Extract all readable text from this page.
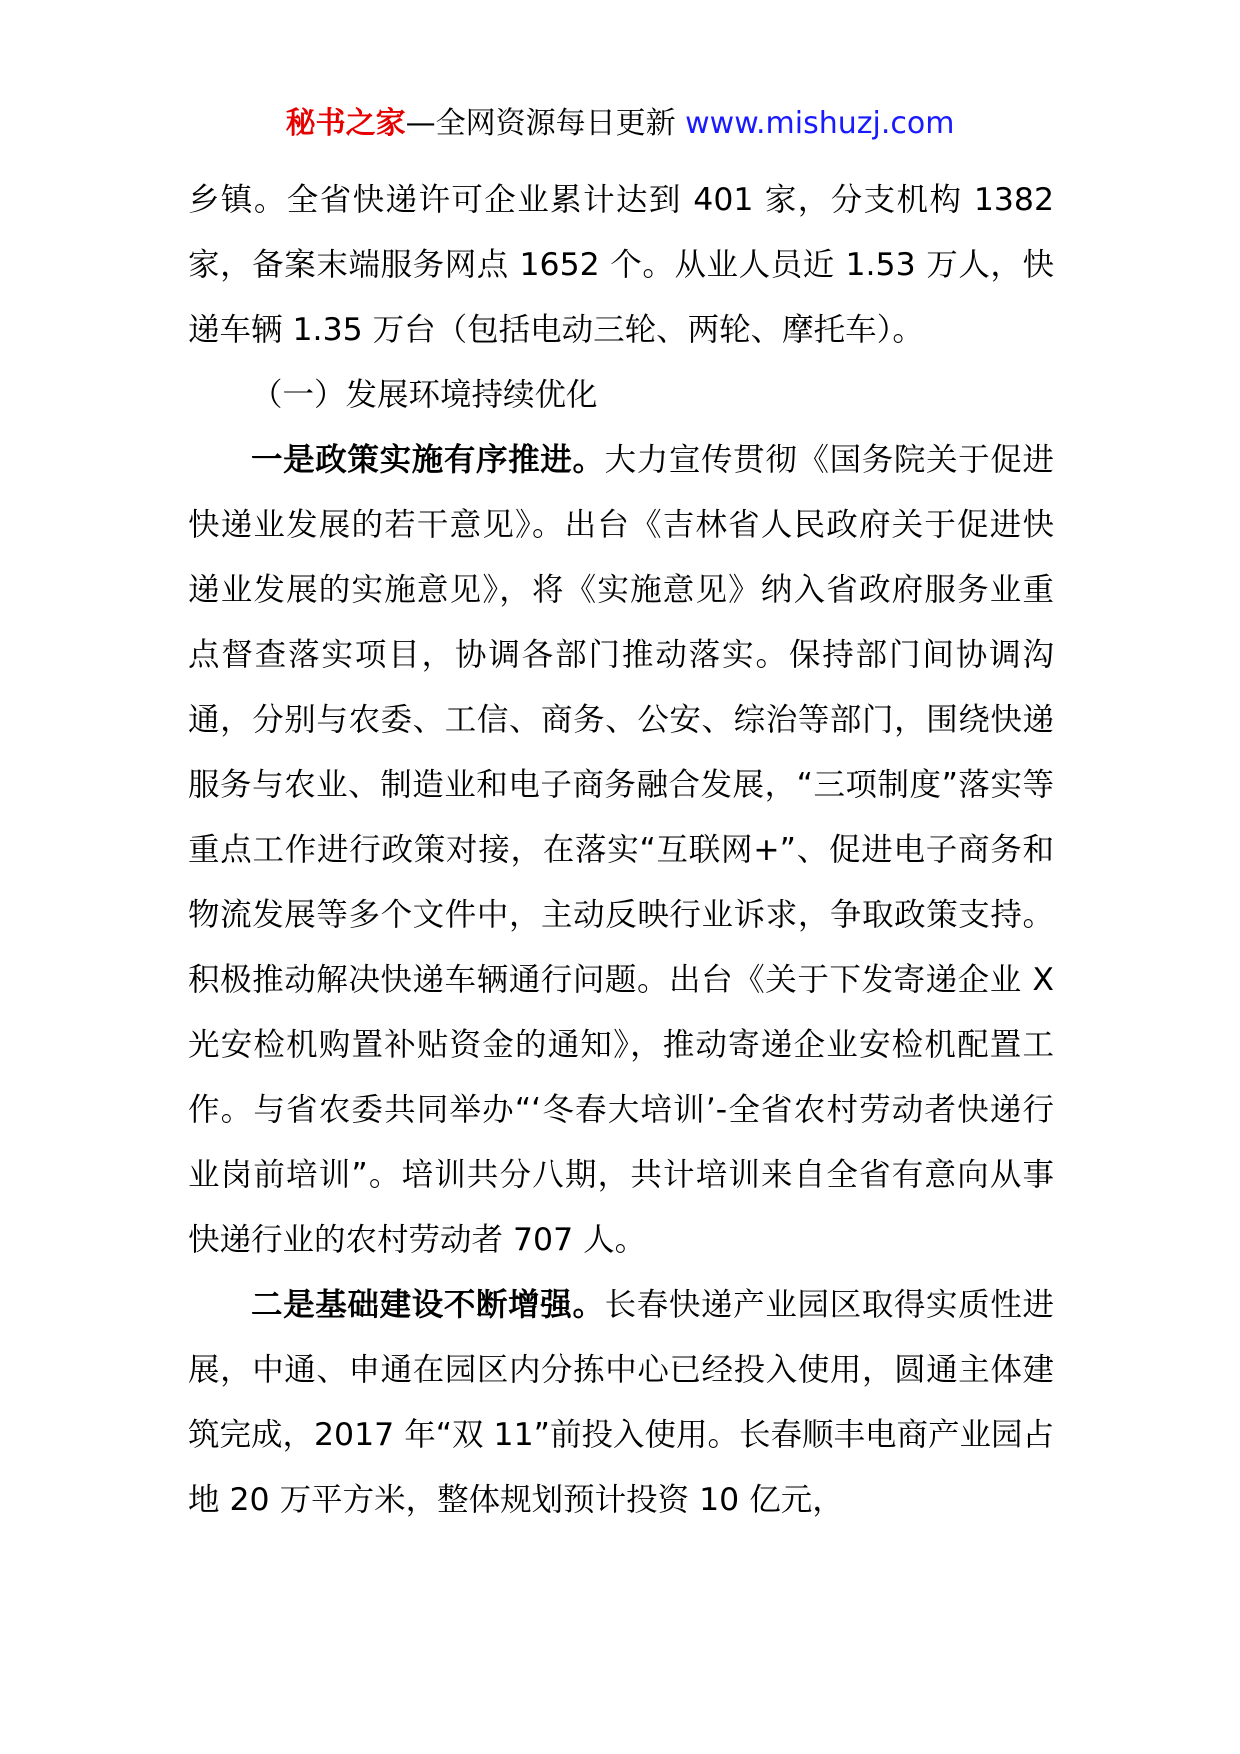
秘书之家—全网资源每日更新 www.mishuzj.com

乡镇。全省快递许可企业累计达到 401 家，分支机构 1382 家，备案末端服务网点 1652 个。从业人员近 1.53 万人，快递车辆 1.35 万台（包括电动三轮、两轮、摩托车）。

（一）发展环境持续优化

一是政策实施有序推进。大力宣传贯彻《国务院关于促进快递业发展的若干意见》。出台《吉林省人民政府关于促进快递业发展的实施意见》，将《实施意见》纳入省政府服务业重点督查落实项目，协调各部门推动落实。保持部门间协调沟通，分别与农委、工信、商务、公安、综治等部门，围绕快递服务与农业、制造业和电子商务融合发展，“三项制度”落实等重点工作进行政策对接，在落实“互联网+”、促进电子商务和物流发展等多个文件中，主动反映行业诉求，争取政策支持。积极推动解决快递车辆通行问题。出台《关于下发寄递企业 X 光安检机购置补贴资金的通知》，推动寄递企业安检机配置工作。与省农委共同举办“‘冬春大培训’-全省农村劳动者快递行业岗前培训”。培训共分八期，共计培训来自全省有意向从事快递行业的农村劳动者 707 人。

二是基础建设不断增强。长春快递产业园区取得实质性进展，中通、申通在园区内分拣中心已经投入使用，圆通主体建筑完成，2017 年“双 11”前投入使用。长春顺丰电商产业园占地 20 万平方米，整体规划预计投资 10 亿元，
